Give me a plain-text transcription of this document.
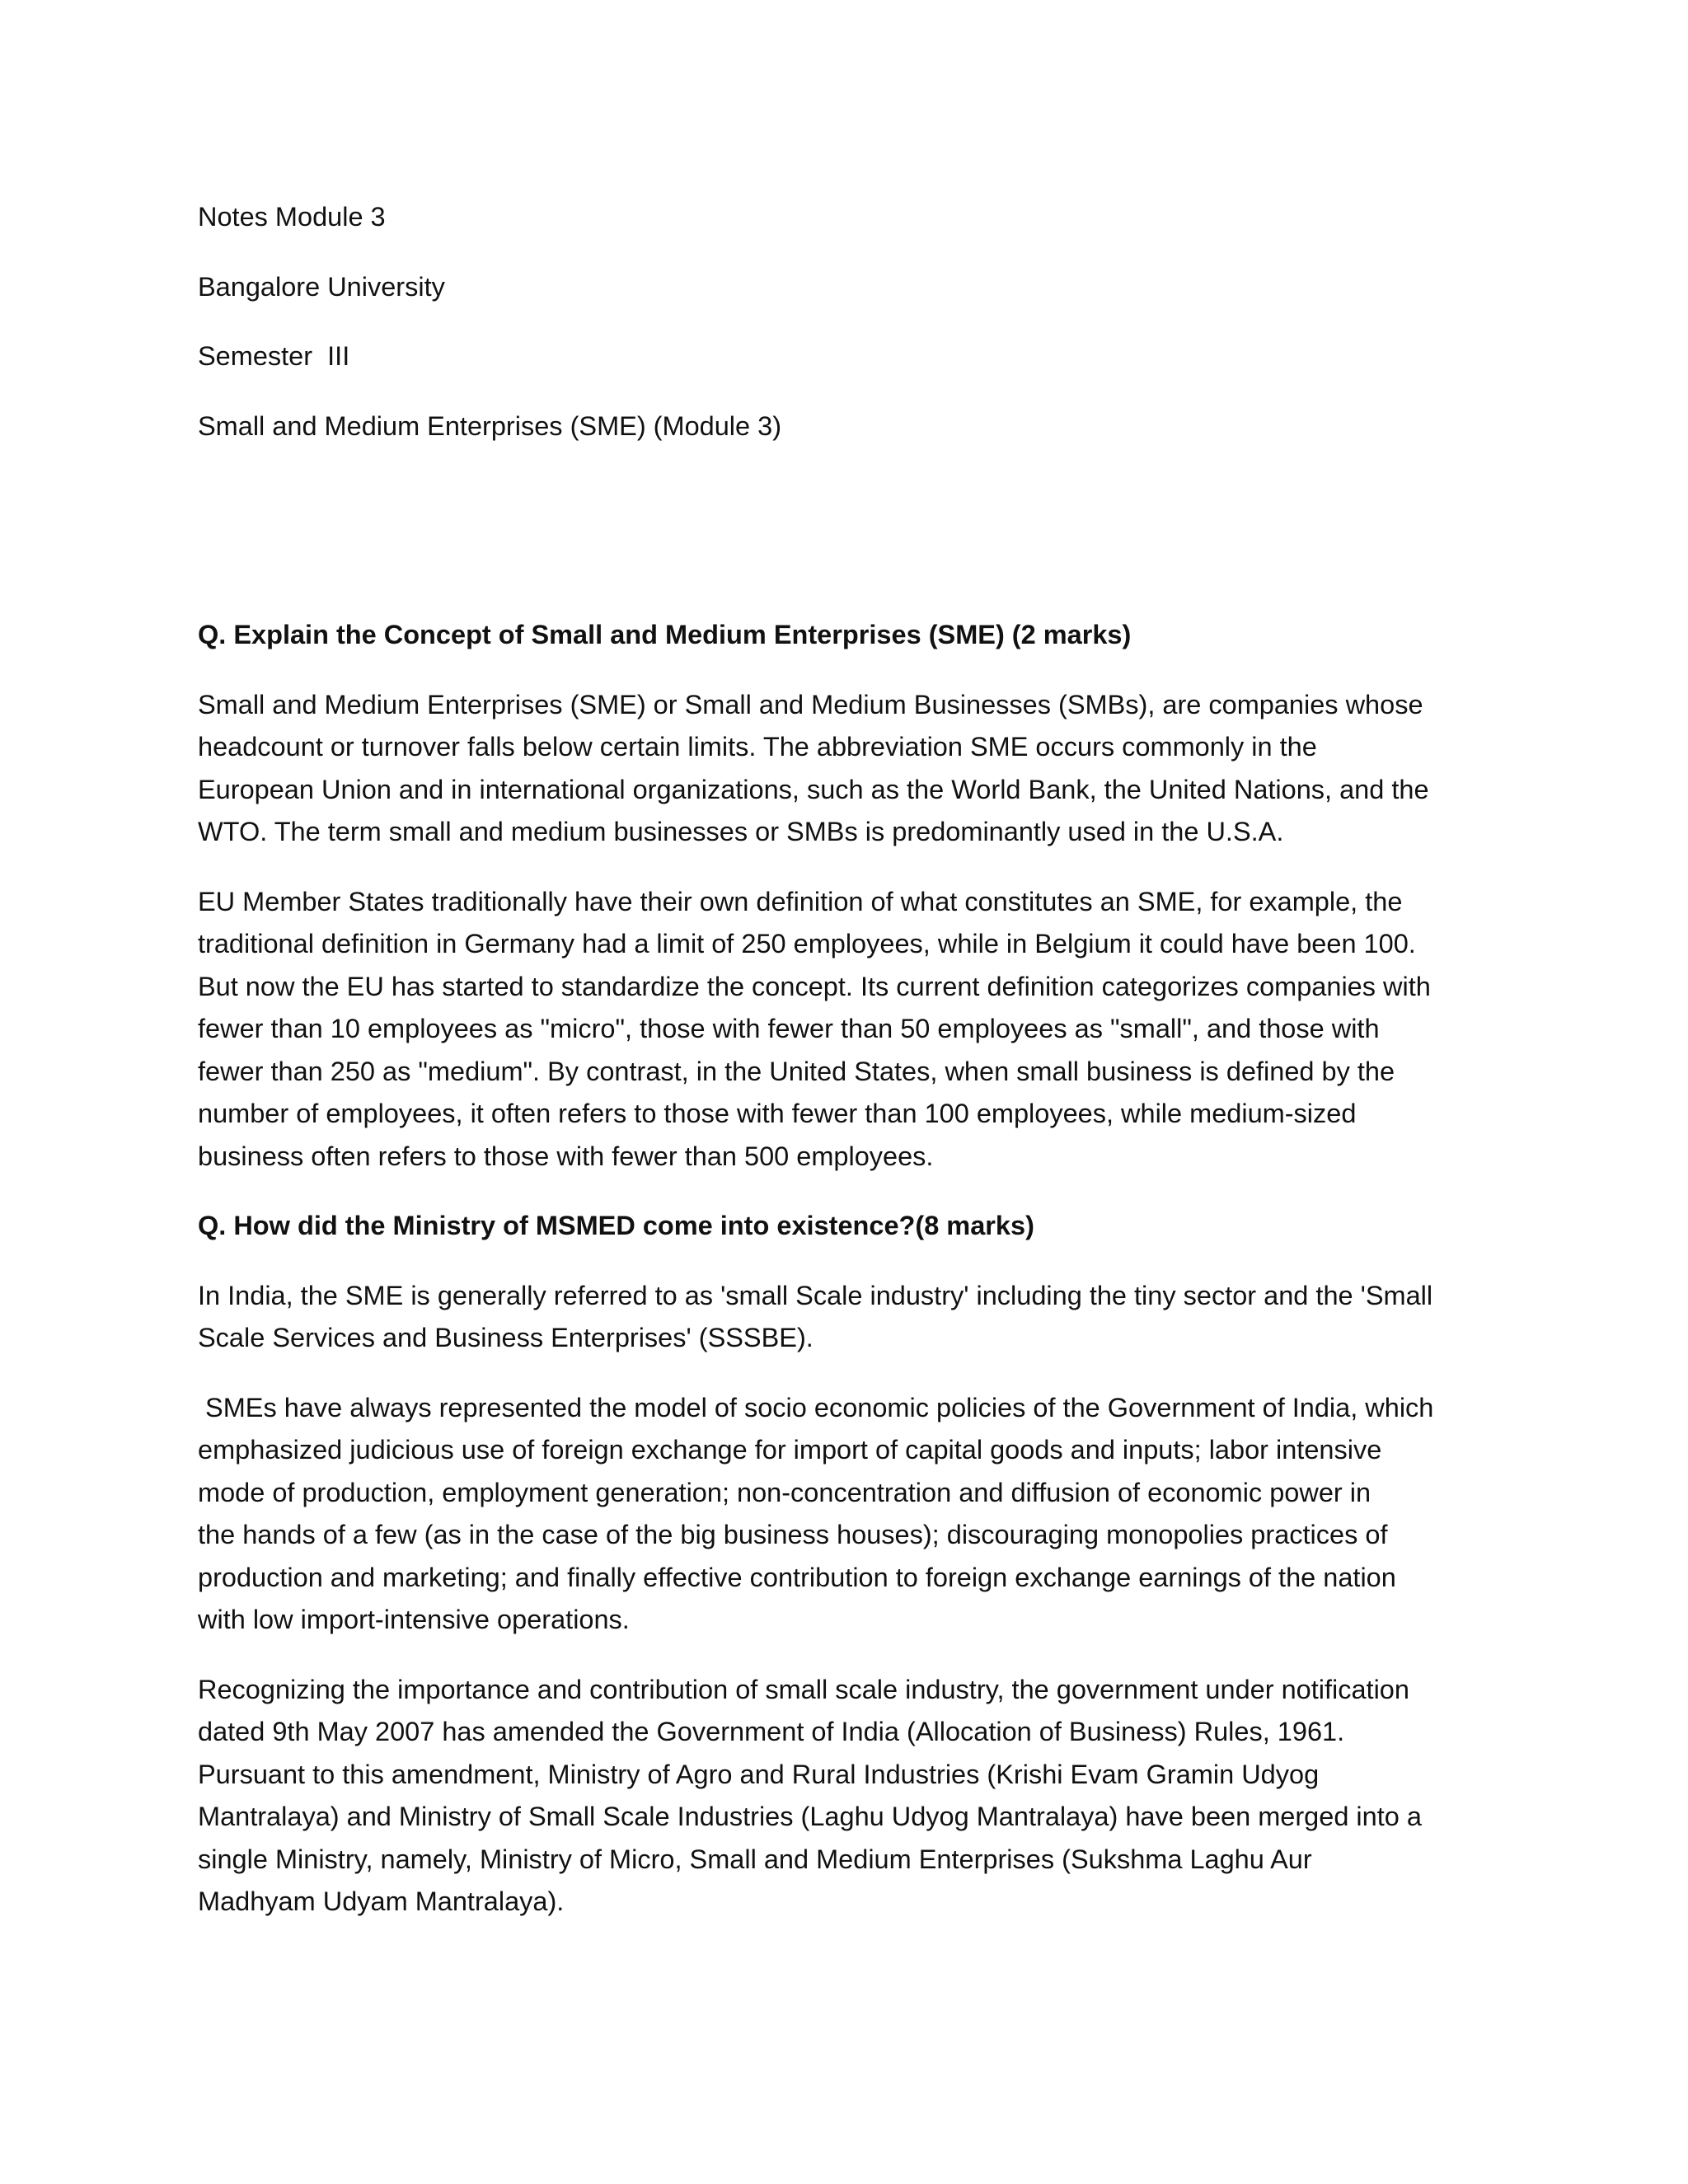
Notes Module 3
Bangalore University
Semester  III
Small and Medium Enterprises (SME) (Module 3)
Q. Explain the Concept of Small and Medium Enterprises (SME) (2 marks)
Small and Medium Enterprises (SME) or Small and Medium Businesses (SMBs), are companies whose
headcount or turnover falls below certain limits. The abbreviation SME occurs commonly in the
European Union and in international organizations, such as the World Bank, the United Nations, and the
WTO. The term small and medium businesses or SMBs is predominantly used in the U.S.A.
EU Member States traditionally have their own definition of what constitutes an SME, for example, the
traditional definition in Germany had a limit of 250 employees, while in Belgium it could have been 100.
But now the EU has started to standardize the concept. Its current definition categorizes companies with
fewer than 10 employees as "micro", those with fewer than 50 employees as "small", and those with
fewer than 250 as "medium". By contrast, in the United States, when small business is defined by the
number of employees, it often refers to those with fewer than 100 employees, while medium-sized
business often refers to those with fewer than 500 employees.
Q. How did the Ministry of MSMED come into existence?(8 marks)
In India, the SME is generally referred to as 'small Scale industry' including the tiny sector and the 'Small
Scale Services and Business Enterprises' (SSSBE).
SMEs have always represented the model of socio economic policies of the Government of India, which
emphasized judicious use of foreign exchange for import of capital goods and inputs; labor intensive
mode of production, employment generation; non-concentration and diffusion of economic power in
the hands of a few (as in the case of the big business houses); discouraging monopolies practices of
production and marketing; and finally effective contribution to foreign exchange earnings of the nation
with low import-intensive operations.
Recognizing the importance and contribution of small scale industry, the government under notification
dated 9th May 2007 has amended the Government of India (Allocation of Business) Rules, 1961.
Pursuant to this amendment, Ministry of Agro and Rural Industries (Krishi Evam Gramin Udyog
Mantralaya) and Ministry of Small Scale Industries (Laghu Udyog Mantralaya) have been merged into a
single Ministry, namely, Ministry of Micro, Small and Medium Enterprises (Sukshma Laghu Aur
Madhyam Udyam Mantralaya).
